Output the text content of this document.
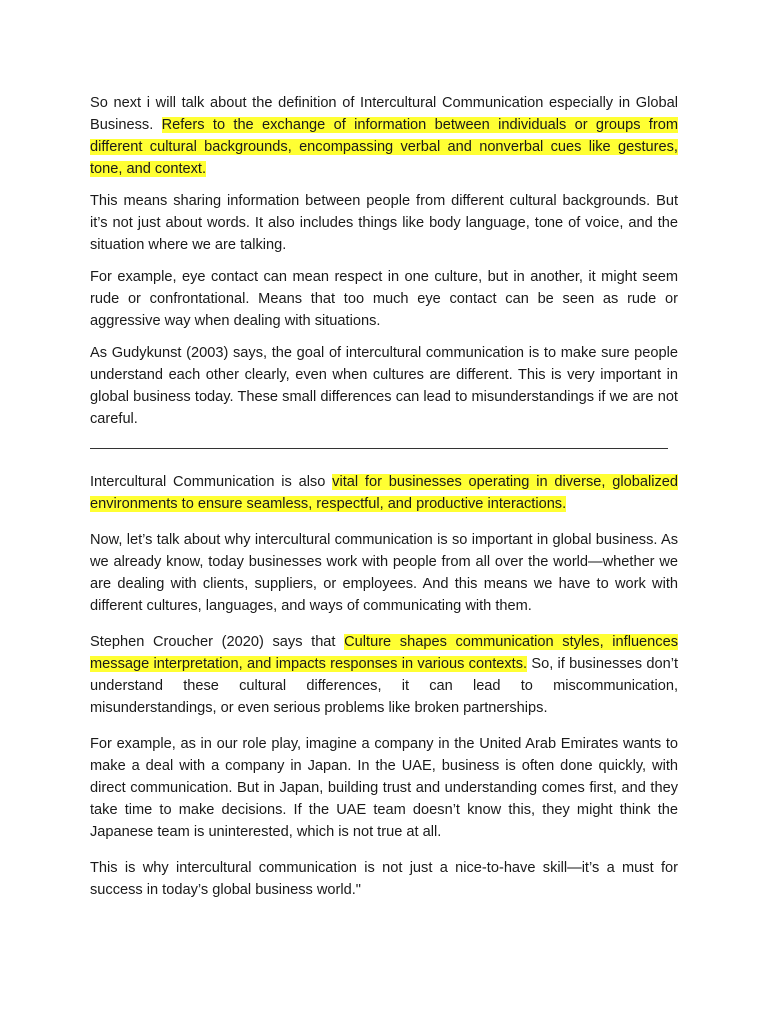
So next i will talk about the definition of Intercultural Communication especially in Global Business. Refers to the exchange of information between individuals or groups from different cultural backgrounds, encompassing verbal and nonverbal cues like gestures, tone, and context.

This means sharing information between people from different cultural backgrounds. But it’s not just about words. It also includes things like body language, tone of voice, and the situation where we are talking.

For example, eye contact can mean respect in one culture, but in another, it might seem rude or confrontational. Means that too much eye contact can be seen as rude or aggressive way when dealing with situations.

As Gudykunst (2003) says, the goal of intercultural communication is to make sure people understand each other clearly, even when cultures are different. This is very important in global business today. These small differences can lead to misunderstandings if we are not careful.

Intercultural Communication is also vital for businesses operating in diverse, globalized environments to ensure seamless, respectful, and productive interactions.

Now, let’s talk about why intercultural communication is so important in global business. As we already know, today businesses work with people from all over the world—whether we are dealing with clients, suppliers, or employees. And this means we have to work with different cultures, languages, and ways of communicating with them.

Stephen Croucher (2020) says that Culture shapes communication styles, influences message interpretation, and impacts responses in various contexts. So, if businesses don’t understand these cultural differences, it can lead to miscommunication, misunderstandings, or even serious problems like broken partnerships.

For example, as in our role play, imagine a company in the United Arab Emirates wants to make a deal with a company in Japan. In the UAE, business is often done quickly, with direct communication. But in Japan, building trust and understanding comes first, and they take time to make decisions. If the UAE team doesn’t know this, they might think the Japanese team is uninterested, which is not true at all.

This is why intercultural communication is not just a nice-to-have skill—it’s a must for success in today’s global business world."
